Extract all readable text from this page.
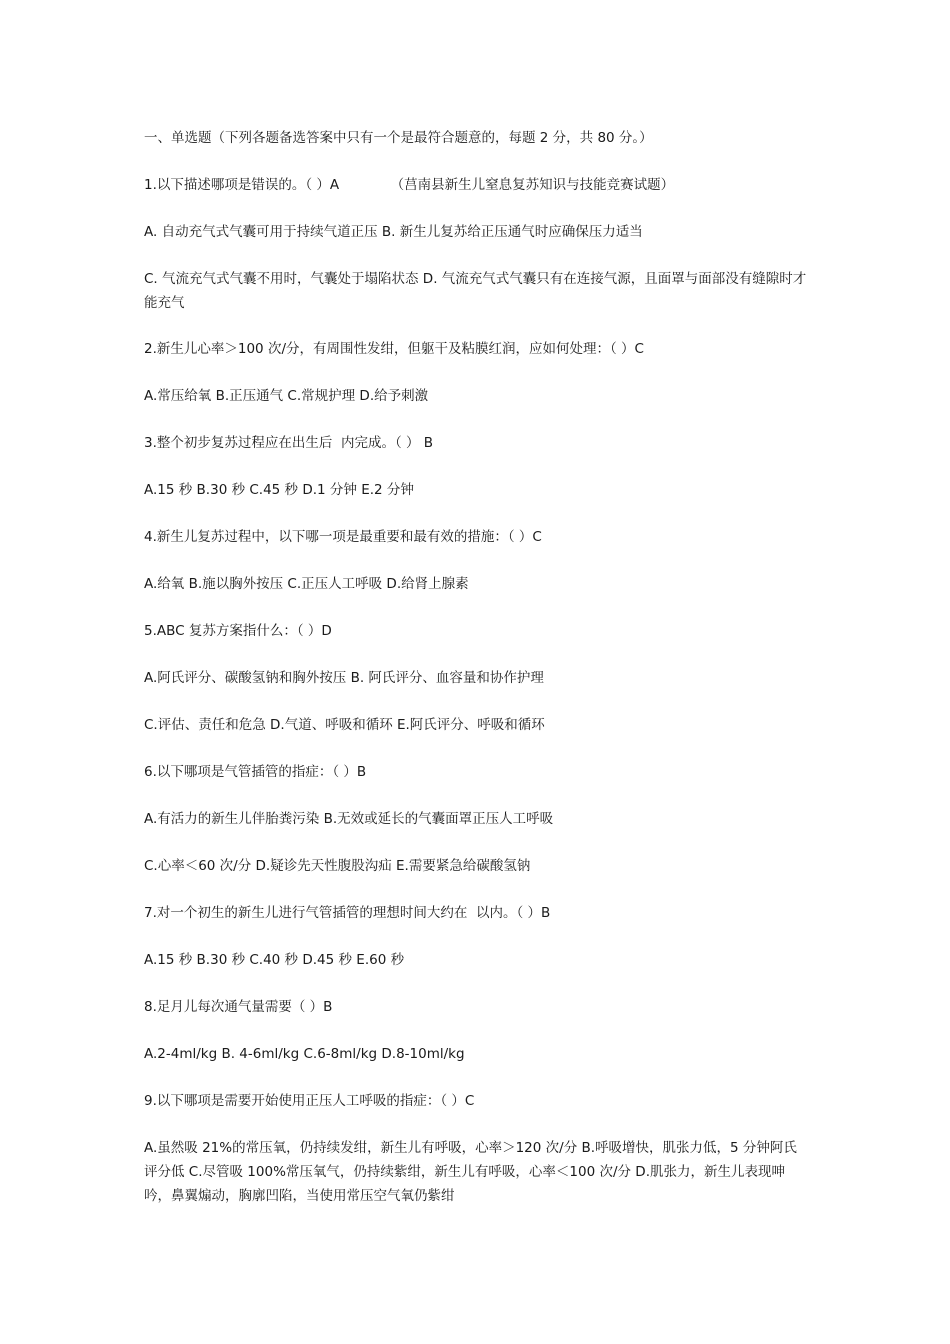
一、单选题（下列各题备选答案中只有一个是最符合题意的，每题 2 分，共 80 分。）

1.以下描述哪项是错误的。（ ）A            （莒南县新生儿窒息复苏知识与技能竞赛试题）

A. 自动充气式气囊可用于持续气道正压 B. 新生儿复苏给正压通气时应确保压力适当

C. 气流充气式气囊不用时，气囊处于塌陷状态 D. 气流充气式气囊只有在连接气源，且面罩与面部没有缝隙时才能充气

2.新生儿心率＞100 次/分，有周围性发绀，但躯干及粘膜红润，应如何处理：（ ）C

A.常压给氧 B.正压通气 C.常规护理 D.给予刺激

3.整个初步复苏过程应在出生后  内完成。（ ） B

A.15 秒 B.30 秒 C.45 秒 D.1 分钟 E.2 分钟

4.新生儿复苏过程中，以下哪一项是最重要和最有效的措施：（ ）C

A.给氧 B.施以胸外按压 C.正压人工呼吸 D.给肾上腺素

5.ABC 复苏方案指什么：（ ）D

A.阿氏评分、碳酸氢钠和胸外按压 B. 阿氏评分、血容量和协作护理

C.评估、责任和危急 D.气道、呼吸和循环 E.阿氏评分、呼吸和循环

6.以下哪项是气管插管的指症：（ ）B

A.有活力的新生儿伴胎粪污染 B.无效或延长的气囊面罩正压人工呼吸

C.心率＜60 次/分 D.疑诊先天性腹股沟疝 E.需要紧急给碳酸氢钠

7.对一个初生的新生儿进行气管插管的理想时间大约在  以内。（ ）B

A.15 秒 B.30 秒 C.40 秒 D.45 秒 E.60 秒

8.足月儿每次通气量需要（ ）B

A.2-4ml/kg B. 4-6ml/kg C.6-8ml/kg D.8-10ml/kg

9.以下哪项是需要开始使用正压人工呼吸的指症：（ ）C

A.虽然吸 21%的常压氧，仍持续发绀，新生儿有呼吸，心率＞120 次/分 B.呼吸增快，肌张力低，5 分钟阿氏评分低 C.尽管吸 100%常压氧气，仍持续紫绀，新生儿有呼吸，心率＜100 次/分 D.肌张力，新生儿表现呻吟，鼻翼煽动，胸廓凹陷，当使用常压空气氧仍紫绀
